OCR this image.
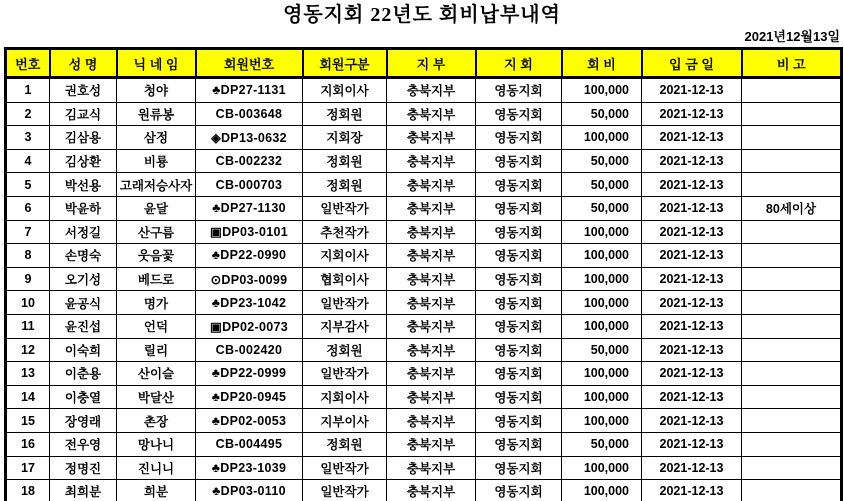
영동지회 22년도 회비납부내역
2021년12월13일
번호	성 명	닉 네 임	회원번호	회원구분	지 부	지 회	회 비	입 금 일	비 고
1	권호성	청야	♣DP27-1131	지회이사	충북지부	영동지회	100,000	2021-12-13	
2	김교식	원류봉	CB-003648	정회원	충북지부	영동지회	50,000	2021-12-13	
3	김삼용	삼정	◈DP13-0632	지회장	충북지부	영동지회	100,000	2021-12-13	
4	김상환	비룡	CB-002232	정회원	충북지부	영동지회	50,000	2021-12-13	
5	박선용	고래저승사자	CB-000703	정회원	충북지부	영동지회	50,000	2021-12-13	
6	박윤하	윤달	♣DP27-1130	일반작가	충북지부	영동지회	50,000	2021-12-13	80세이상
7	서정길	산구름	▣DP03-0101	추천작가	충북지부	영동지회	100,000	2021-12-13	
8	손명숙	웃음꽃	♣DP22-0990	지회이사	충북지부	영동지회	100,000	2021-12-13	
9	오기성	베드로	⊙DP03-0099	협회이사	충북지부	영동지회	100,000	2021-12-13	
10	윤공식	명가	♣DP23-1042	일반작가	충북지부	영동지회	100,000	2021-12-13	
11	윤진섭	언덕	▣DP02-0073	지부감사	충북지부	영동지회	100,000	2021-12-13	
12	이숙희	릴리	CB-002420	정회원	충북지부	영동지회	50,000	2021-12-13	
13	이춘용	산이슬	♣DP22-0999	일반작가	충북지부	영동지회	100,000	2021-12-13	
14	이충열	박달산	♣DP20-0945	지회이사	충북지부	영동지회	100,000	2021-12-13	
15	장영래	촌장	♣DP02-0053	지부이사	충북지부	영동지회	100,000	2021-12-13	
16	전우영	망나니	CB-004495	정회원	충북지부	영동지회	50,000	2021-12-13	
17	정명진	진니니	♣DP23-1039	일반작가	충북지부	영동지회	100,000	2021-12-13	
18	최희분	희분	♣DP03-0110	일반작가	충북지부	영동지회	100,000	2021-12-13	
